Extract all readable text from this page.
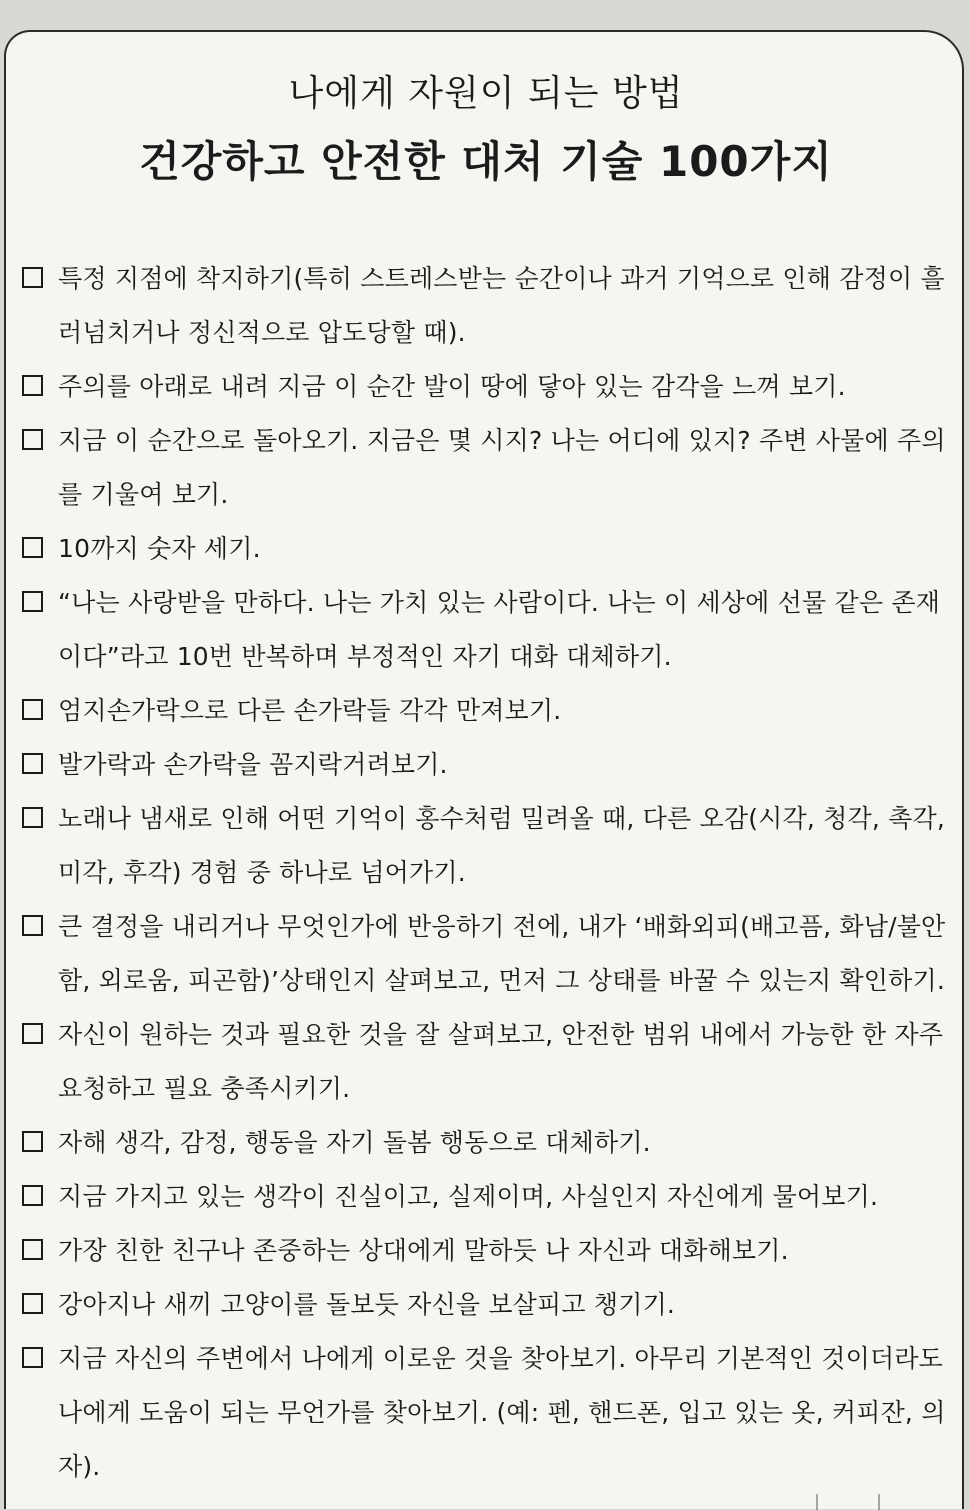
나에게 자원이 되는 방법
건강하고 안전한 대처 기술 100가지
특정 지점에 착지하기(특히 스트레스받는 순간이나 과거 기억으로 인해 감정이 흘러넘치거나 정신적으로 압도당할 때).
주의를 아래로 내려 지금 이 순간 발이 땅에 닿아 있는 감각을 느껴 보기.
지금 이 순간으로 돌아오기. 지금은 몇 시지? 나는 어디에 있지? 주변 사물에 주의를 기울여 보기.
10까지 숫자 세기.
“나는 사랑받을 만하다. 나는 가치 있는 사람이다. 나는 이 세상에 선물 같은 존재이다”라고 10번 반복하며 부정적인 자기 대화 대체하기.
엄지손가락으로 다른 손가락들 각각 만져보기.
발가락과 손가락을 꼼지락거려보기.
노래나 냄새로 인해 어떤 기억이 홍수처럼 밀려올 때, 다른 오감(시각, 청각, 촉각, 미각, 후각) 경험 중 하나로 넘어가기.
큰 결정을 내리거나 무엇인가에 반응하기 전에, 내가 ‘배화외피(배고픔, 화남/불안함, 외로움, 피곤함)’상태인지 살펴보고, 먼저 그 상태를 바꿀 수 있는지 확인하기.
자신이 원하는 것과 필요한 것을 잘 살펴보고, 안전한 범위 내에서 가능한 한 자주 요청하고 필요 충족시키기.
자해 생각, 감정, 행동을 자기 돌봄 행동으로 대체하기.
지금 가지고 있는 생각이 진실이고, 실제이며, 사실인지 자신에게 물어보기.
가장 친한 친구나 존중하는 상대에게 말하듯 나 자신과 대화해보기.
강아지나 새끼 고양이를 돌보듯 자신을 보살피고 챙기기.
지금 자신의 주변에서 나에게 이로운 것을 찾아보기. 아무리 기본적인 것이더라도 나에게 도움이 되는 무언가를 찾아보기. (예: 펜, 핸드폰, 입고 있는 옷, 커피잔, 의자).
